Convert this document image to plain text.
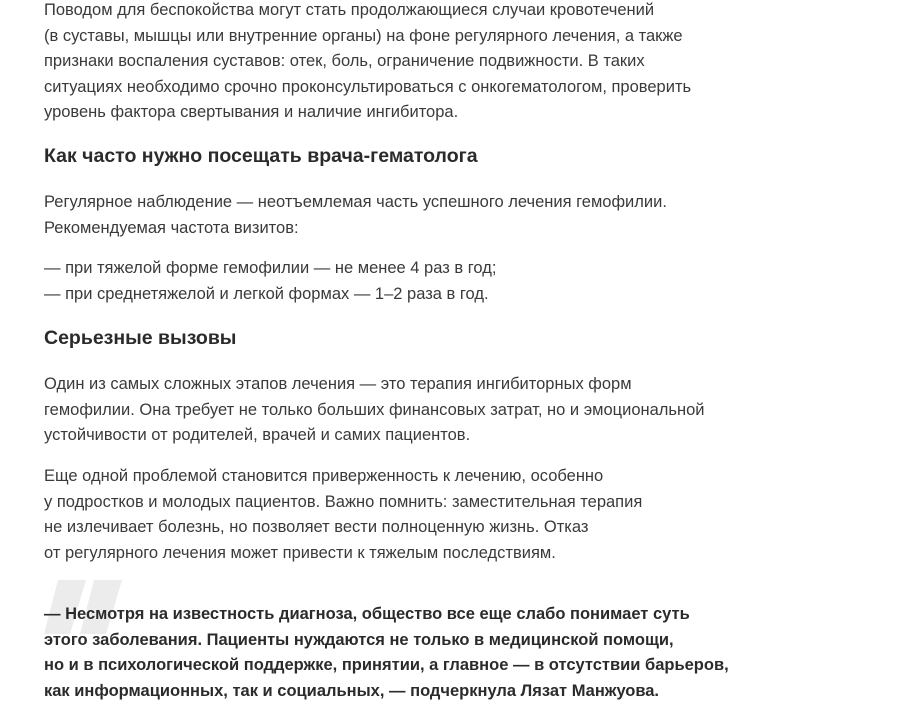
Поводом для беспокойства могут стать продолжающиеся случаи кровотечений
(в суставы, мышцы или внутренние органы) на фоне регулярного лечения, а также
признаки воспаления суставов: отек, боль, ограничение подвижности. В таких
ситуациях необходимо срочно проконсультироваться с онкогематологом, проверить
уровень фактора свертывания и наличие ингибитора.

Как часто нужно посещать врача-гематолога

Регулярное наблюдение — неотъемлемая часть успешного лечения гемофилии.
Рекомендуемая частота визитов:

— при тяжелой форме гемофилии — не менее 4 раз в год;
— при среднетяжелой и легкой формах — 1–2 раза в год.

Серьезные вызовы

Один из самых сложных этапов лечения — это терапия ингибиторных форм
гемофилии. Она требует не только больших финансовых затрат, но и эмоциональной
устойчивости от родителей, врачей и самих пациентов.

Еще одной проблемой становится приверженность к лечению, особенно
у подростков и молодых пациентов. Важно помнить: заместительная терапия
не излечивает болезнь, но позволяет вести полноценную жизнь. Отказ
от регулярного лечения может привести к тяжелым последствиям.

— Несмотря на известность диагноза, общество все еще слабо понимает суть
этого заболевания. Пациенты нуждаются не только в медицинской помощи,
но и в психологической поддержке, принятии, а главное — в отсутствии барьеров,
как информационных, так и социальных, — подчеркнула Лязат Манжуова.
